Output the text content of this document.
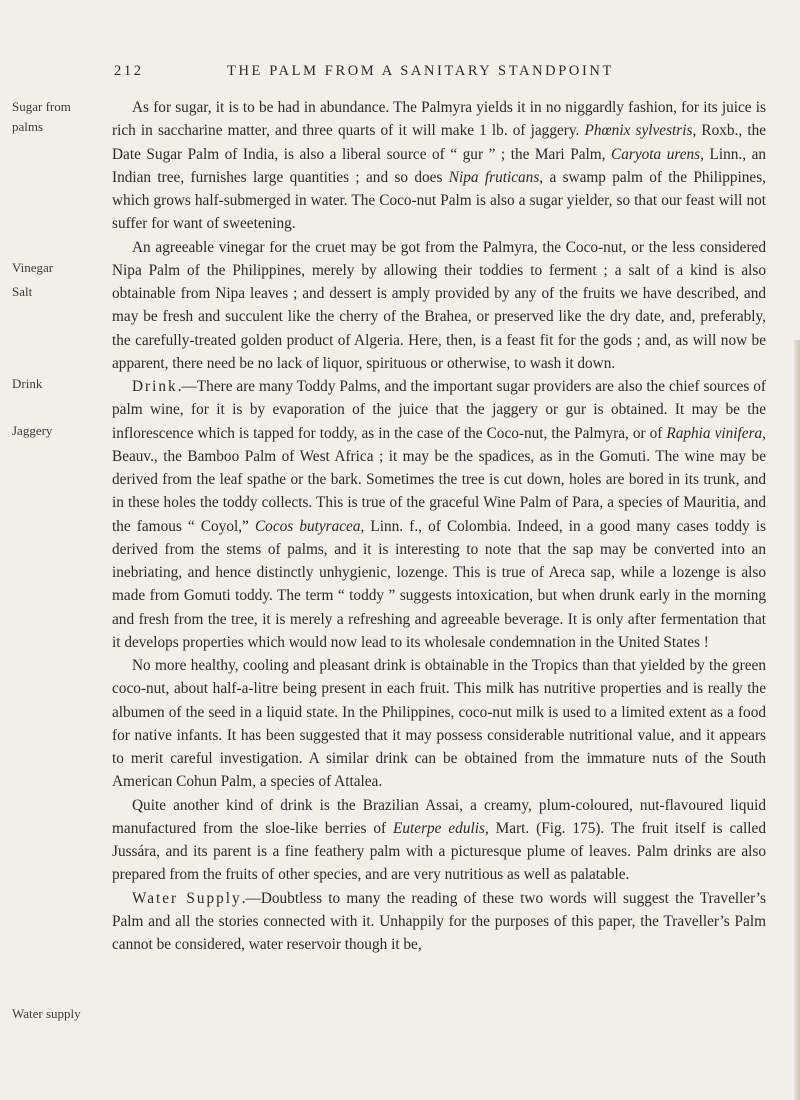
212	THE PALM FROM A SANITARY STANDPOINT
Sugar from palms
Vinegar
Salt
Drink
Jaggery
Water supply

As for sugar, it is to be had in abundance. The Palmyra yields it in no niggardly fashion, for its juice is rich in saccharine matter, and three quarts of it will make 1 lb. of jaggery. Phœnix sylvestris, Roxb., the Date Sugar Palm of India, is also a liberal source of “ gur ” ; the Mari Palm, Caryota urens, Linn., an Indian tree, furnishes large quantities ; and so does Nipa fruticans, a swamp palm of the Philippines, which grows half-submerged in water. The Coco-nut Palm is also a sugar yielder, so that our feast will not suffer for want of sweetening.

An agreeable vinegar for the cruet may be got from the Palmyra, the Coco-nut, or the less considered Nipa Palm of the Philippines, merely by allowing their toddies to ferment ; a salt of a kind is also obtainable from Nipa leaves ; and dessert is amply provided by any of the fruits we have described, and may be fresh and succulent like the cherry of the Brahea, or preserved like the dry date, and, preferably, the carefully-treated golden product of Algeria. Here, then, is a feast fit for the gods ; and, as will now be apparent, there need be no lack of liquor, spirituous or otherwise, to wash it down.

Drink.—There are many Toddy Palms, and the important sugar providers are also the chief sources of palm wine, for it is by evaporation of the juice that the jaggery or gur is obtained. It may be the inflorescence which is tapped for toddy, as in the case of the Coco-nut, the Palmyra, or of Raphia vinifera, Beauv., the Bamboo Palm of West Africa ; it may be the spadices, as in the Gomuti. The wine may be derived from the leaf spathe or the bark. Sometimes the tree is cut down, holes are bored in its trunk, and in these holes the toddy collects. This is true of the graceful Wine Palm of Para, a species of Mauritia, and the famous “ Coyol,” Cocos butyracea, Linn. f., of Colombia. Indeed, in a good many cases toddy is derived from the stems of palms, and it is interesting to note that the sap may be converted into an inebriating, and hence distinctly unhygienic, lozenge. This is true of Areca sap, while a lozenge is also made from Gomuti toddy. The term “ toddy ” suggests intoxication, but when drunk early in the morning and fresh from the tree, it is merely a refreshing and agreeable beverage. It is only after fermentation that it develops properties which would now lead to its wholesale condemnation in the United States !

No more healthy, cooling and pleasant drink is obtainable in the Tropics than that yielded by the green coco-nut, about half-a-litre being present in each fruit. This milk has nutritive properties and is really the albumen of the seed in a liquid state. In the Philippines, coco-nut milk is used to a limited extent as a food for native infants. It has been suggested that it may possess considerable nutritional value, and it appears to merit careful investigation. A similar drink can be obtained from the immature nuts of the South American Cohun Palm, a species of Attalea.

Quite another kind of drink is the Brazilian Assai, a creamy, plum-coloured, nut-flavoured liquid manufactured from the sloe-like berries of Euterpe edulis, Mart. (Fig. 175). The fruit itself is called Jussára, and its parent is a fine feathery palm with a picturesque plume of leaves. Palm drinks are also prepared from the fruits of other species, and are very nutritious as well as palatable.

Water Supply.—Doubtless to many the reading of these two words will suggest the Traveller’s Palm and all the stories connected with it. Unhappily for the purposes of this paper, the Traveller’s Palm cannot be considered, water reservoir though it be,
